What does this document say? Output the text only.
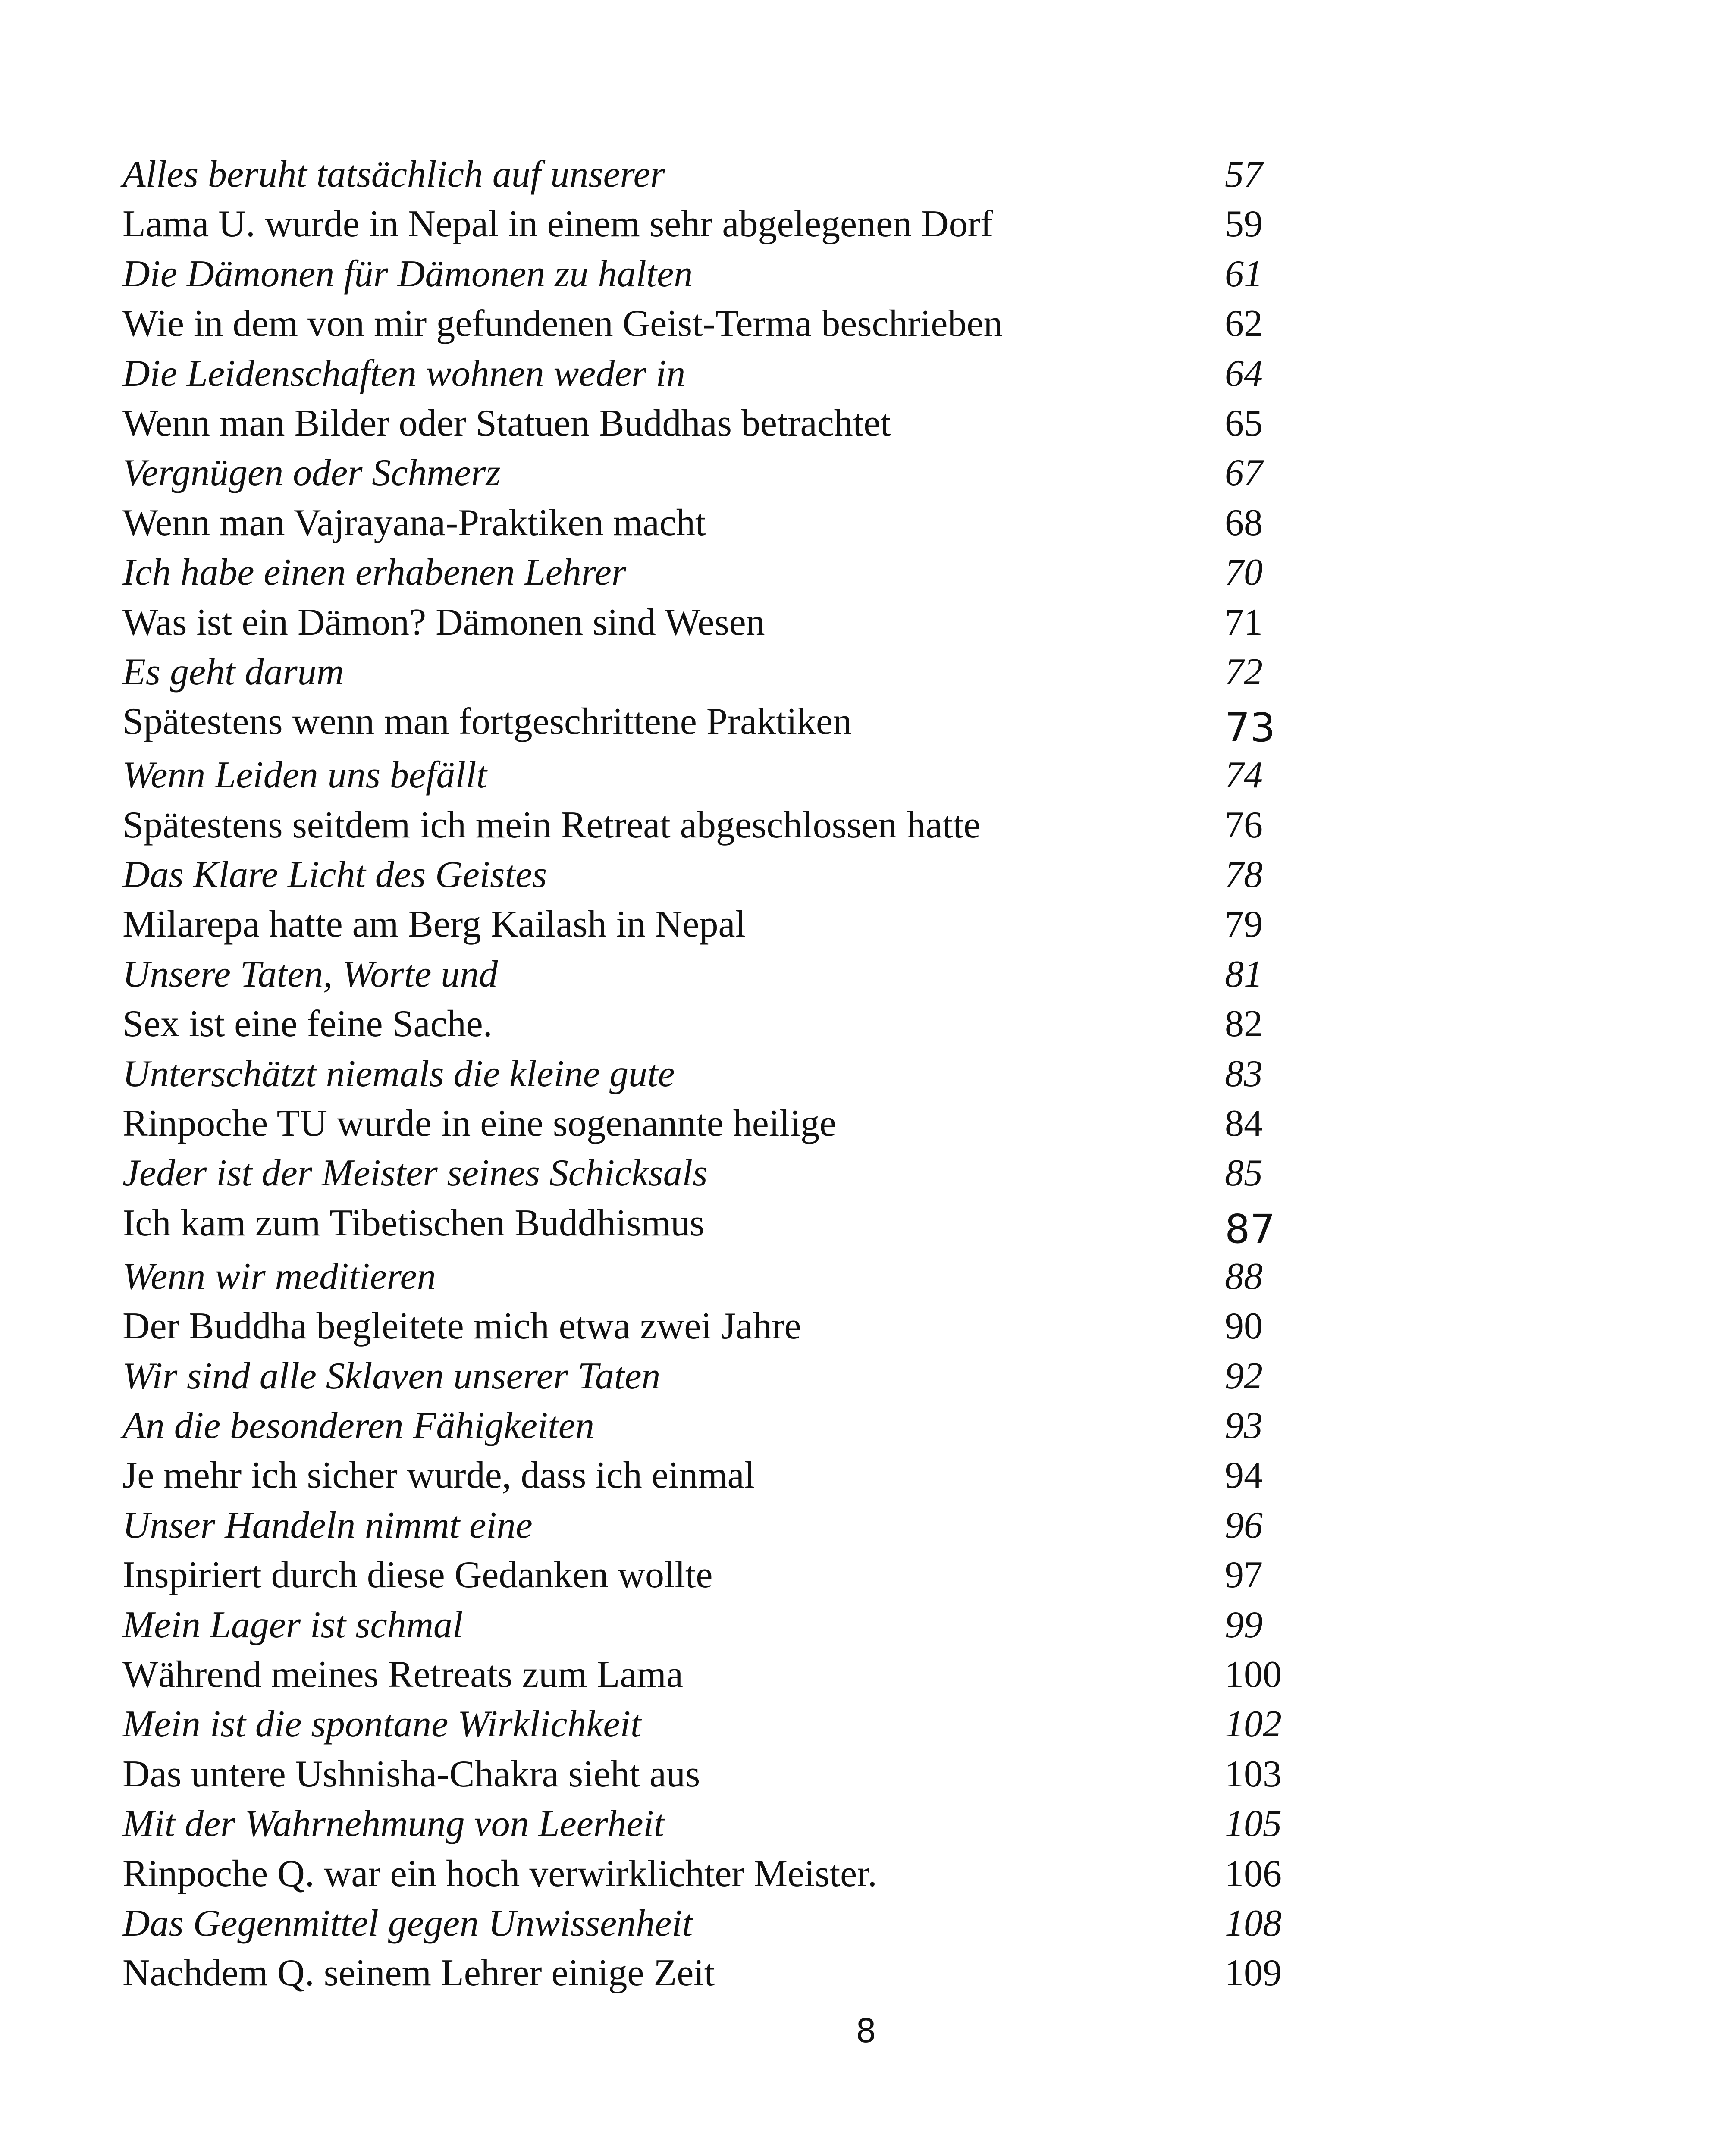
Alles beruht tatsächlich auf unserer	57
Lama U. wurde in Nepal in einem sehr abgelegenen Dorf	59
Die Dämonen für Dämonen zu halten	61
Wie in dem von mir gefundenen Geist-Terma beschrieben	62
Die Leidenschaften wohnen weder in	64
Wenn man Bilder oder Statuen Buddhas betrachtet	65
Vergnügen oder Schmerz	67
Wenn man Vajrayana-Praktiken macht	68
Ich habe einen erhabenen Lehrer	70
Was ist ein Dämon? Dämonen sind Wesen	71
Es geht darum	72
Spätestens wenn man fortgeschrittene Praktiken	73
Wenn Leiden uns befällt	74
Spätestens seitdem ich mein Retreat abgeschlossen hatte	76
Das Klare Licht des Geistes	78
Milarepa hatte am Berg Kailash in Nepal	79
Unsere Taten, Worte und	81
Sex ist eine feine Sache.	82
Unterschätzt niemals die kleine gute	83
Rinpoche TU wurde in eine sogenannte heilige	84
Jeder ist der Meister seines Schicksals	85
Ich kam zum Tibetischen Buddhismus	87
Wenn wir meditieren	88
Der Buddha begleitete mich etwa zwei Jahre	90
Wir sind alle Sklaven unserer Taten	92
An die besonderen Fähigkeiten	93
Je mehr ich sicher wurde, dass ich einmal	94
Unser Handeln nimmt eine	96
Inspiriert durch diese Gedanken wollte	97
Mein Lager ist schmal	99
Während meines Retreats zum Lama	100
Mein ist die spontane Wirklichkeit	102
Das untere Ushnisha-Chakra sieht aus	103
Mit der Wahrnehmung von Leerheit	105
Rinpoche Q. war ein hoch verwirklichter Meister.	106
Das Gegenmittel gegen Unwissenheit	108
Nachdem Q. seinem Lehrer einige Zeit	109
8
